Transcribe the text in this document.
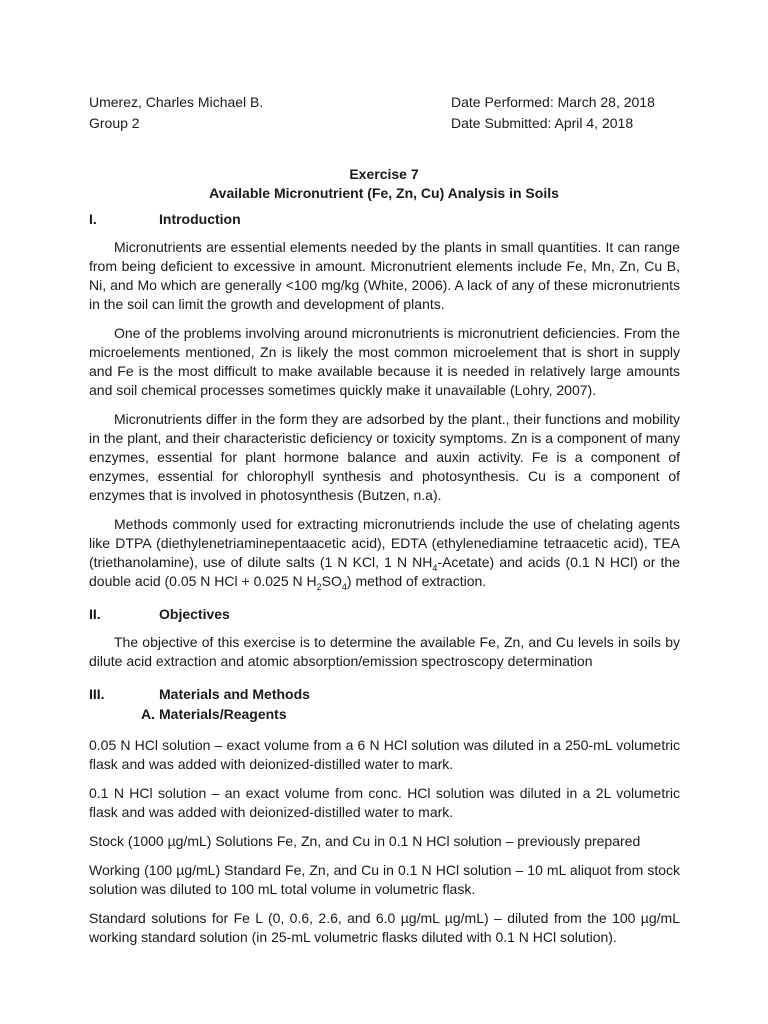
Umerez, Charles Michael B.	Date Performed: March 28, 2018
Group 2	Date Submitted: April 4, 2018
Exercise 7
Available Micronutrient (Fe, Zn, Cu) Analysis in Soils
I.	Introduction

Micronutrients are essential elements needed by the plants in small quantities. It can range from being deficient to excessive in amount. Micronutrient elements include Fe, Mn, Zn, Cu B, Ni, and Mo which are generally <100 mg/kg (White, 2006). A lack of any of these micronutrients in the soil can limit the growth and development of plants.

One of the problems involving around micronutrients is micronutrient deficiencies. From the microelements mentioned, Zn is likely the most common microelement that is short in supply and Fe is the most difficult to make available because it is needed in relatively large amounts and soil chemical processes sometimes quickly make it unavailable (Lohry, 2007).

Micronutrients differ in the form they are adsorbed by the plant., their functions and mobility in the plant, and their characteristic deficiency or toxicity symptoms. Zn is a component of many enzymes, essential for plant hormone balance and auxin activity. Fe is a component of enzymes, essential for chlorophyll synthesis and photosynthesis. Cu is a component of enzymes that is involved in photosynthesis (Butzen, n.a).

Methods commonly used for extracting micronutriends include the use of chelating agents like DTPA (diethylenetriaminepentaacetic acid), EDTA (ethylenediamine tetraacetic acid), TEA (triethanolamine), use of dilute salts (1 N KCl, 1 N $NH_4-Acetate$) and acids (0.1 N HCl) or the double acid (0.05 N HCl + 0.025 N $H_2SO_4$) method of extraction.

II.	Objectives

The objective of this exercise is to determine the available Fe, Zn, and Cu levels in soils by dilute acid extraction and atomic absorption/emission spectroscopy determination

III.	Materials and Methods
A. Materials/Reagents

0.05 N HCl solution – exact volume from a 6 N HCl solution was diluted in a 250-mL volumetric flask and was added with deionized-distilled water to mark.

0.1 N HCl solution – an exact volume from conc. HCl solution was diluted in a 2L volumetric flask and was added with deionized-distilled water to mark.

Stock (1000 µg/mL) Solutions Fe, Zn, and Cu in 0.1 N HCl solution – previously prepared

Working (100 µg/mL) Standard Fe, Zn, and Cu in 0.1 N HCl solution – 10 mL aliquot from stock solution was diluted to 100 mL total volume in volumetric flask.

Standard solutions for Fe L (0, 0.6, 2.6, and 6.0 µg/mL µg/mL) – diluted from the 100 µg/mL working standard solution (in 25-mL volumetric flasks diluted with 0.1 N HCl solution).
